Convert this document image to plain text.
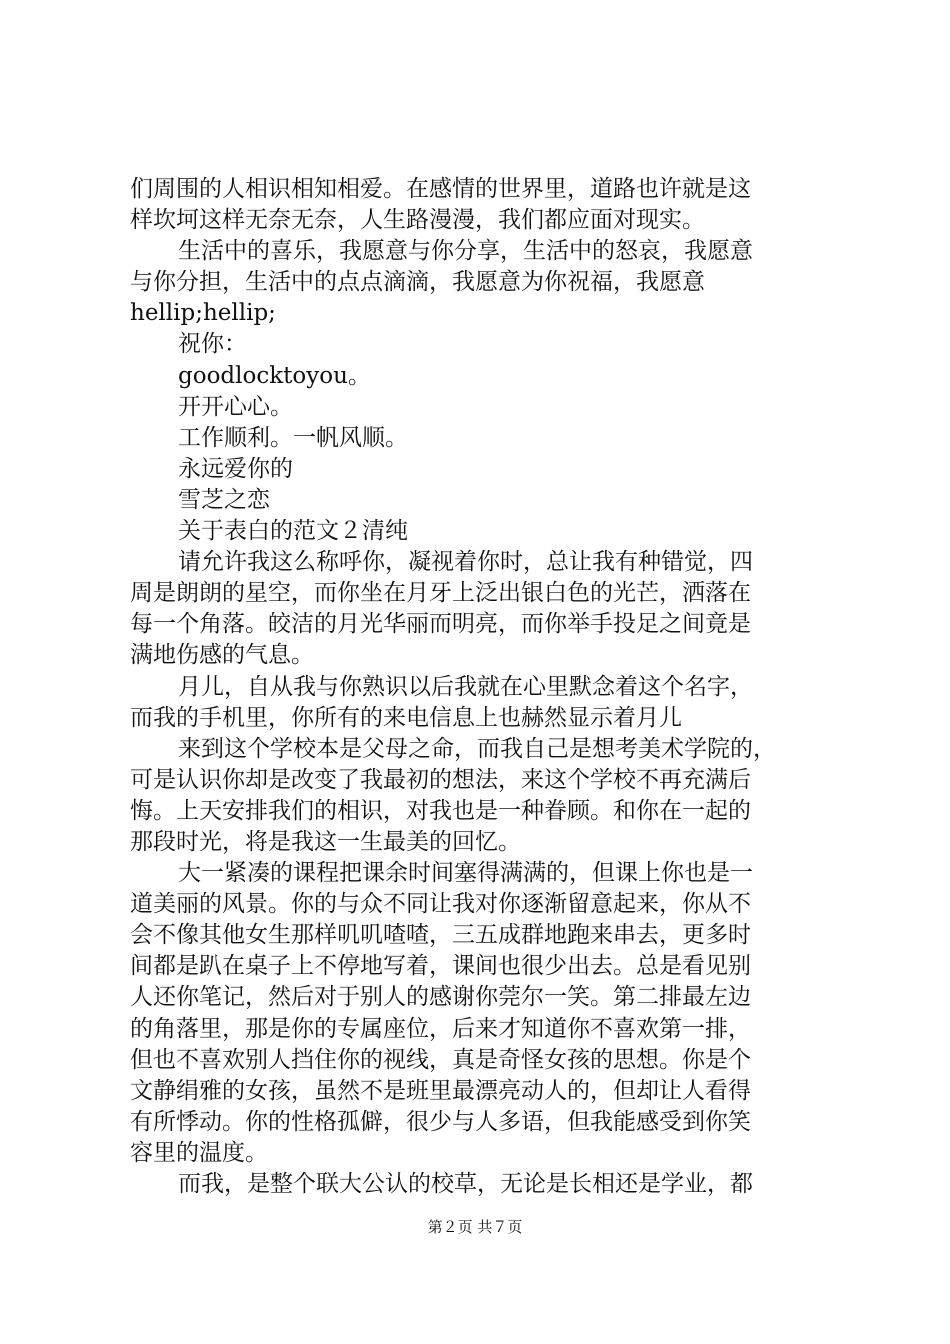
们周围的人相识相知相爱。在感情的世界里，道路也许就是这
样坎坷这样无奈无奈，人生路漫漫，我们都应面对现实。
生活中的喜乐，我愿意与你分享，生活中的怒哀，我愿意
与你分担，生活中的点点滴滴，我愿意为你祝福，我愿意
hellip;hellip;
祝你：
goodlocktoyou。
开开心心。
工作顺利。一帆风顺。
永远爱你的
雪芝之恋
关于表白的范文２清纯
请允许我这么称呼你，凝视着你时，总让我有种错觉，四
周是朗朗的星空，而你坐在月牙上泛出银白色的光芒，洒落在
每一个角落。皎洁的月光华丽而明亮，而你举手投足之间竟是
满地伤感的气息。
月儿，自从我与你熟识以后我就在心里默念着这个名字，
而我的手机里，你所有的来电信息上也赫然显示着月儿
来到这个学校本是父母之命，而我自己是想考美术学院的，
可是认识你却是改变了我最初的想法，来这个学校不再充满后
悔。上天安排我们的相识，对我也是一种眷顾。和你在一起的
那段时光，将是我这一生最美的回忆。
大一紧凑的课程把课余时间塞得满满的，但课上你也是一
道美丽的风景。你的与众不同让我对你逐渐留意起来，你从不
会不像其他女生那样叽叽喳喳，三五成群地跑来串去，更多时
间都是趴在桌子上不停地写着，课间也很少出去。总是看见别
人还你笔记，然后对于别人的感谢你莞尔一笑。第二排最左边
的角落里，那是你的专属座位，后来才知道你不喜欢第一排，
但也不喜欢别人挡住你的视线，真是奇怪女孩的思想。你是个
文静绢雅的女孩，虽然不是班里最漂亮动人的，但却让人看得
有所悸动。你的性格孤僻，很少与人多语，但我能感受到你笑
容里的温度。
而我，是整个联大公认的校草，无论是长相还是学业，都
第２页 共７页
